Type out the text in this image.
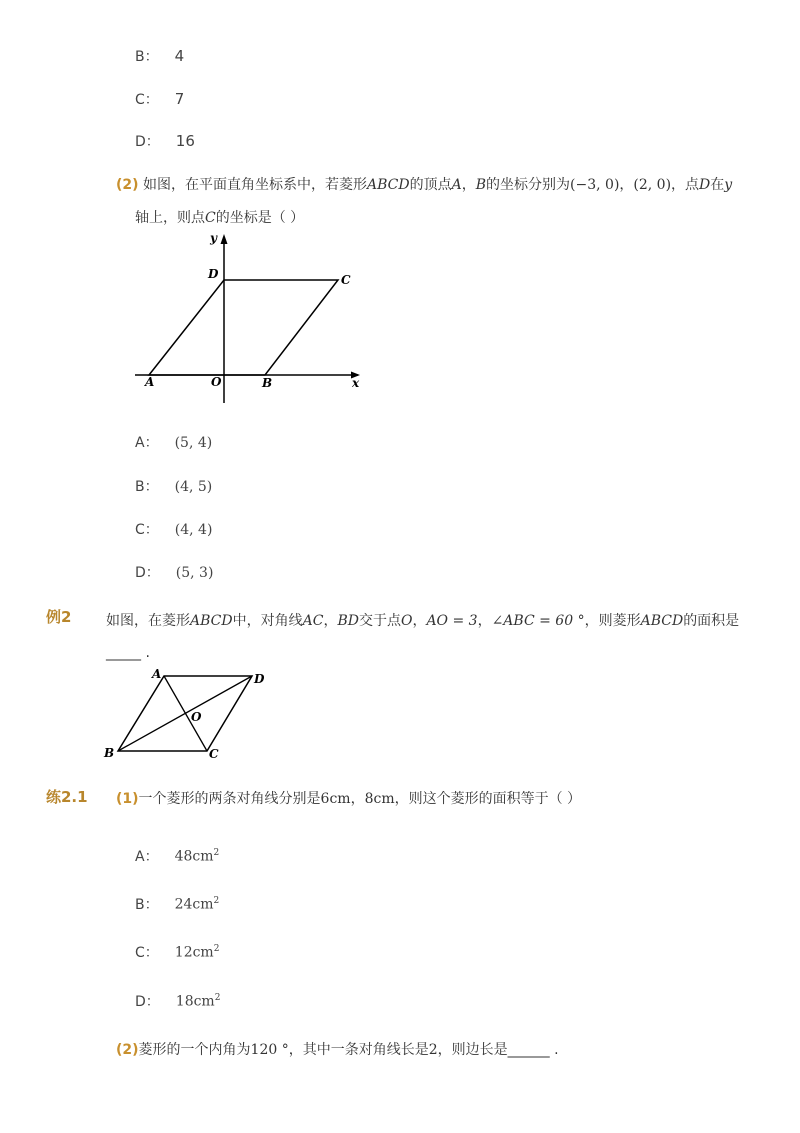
B： 4
C： 7
D： 16
(2) 如图，在平面直角坐标系中，若菱形ABCD的顶点A，B的坐标分别为(−3, 0)，(2, 0)，点D在y
轴上，则点C的坐标是（ ）
y
x
D	C
A	O	B
A： (5, 4)
B： (4, 5)
C： (4, 4)
D： (5, 3)
例2 如图，在菱形ABCD中，对角线AC，BD交于点O，AO = 3，∠ABC = 60 °，则菱形ABCD的面积是
_____ .
A	D
O
B	C
练2.1 (1)一个菱形的两条对角线分别是6cm，8cm，则这个菱形的面积等于（ ）
A： $48cm^2$
B： $24cm^2$
C： $12cm^2$
D： $18cm^2$
(2)菱形的一个内角为120 °，其中一条对角线长是2，则边长是______ .
